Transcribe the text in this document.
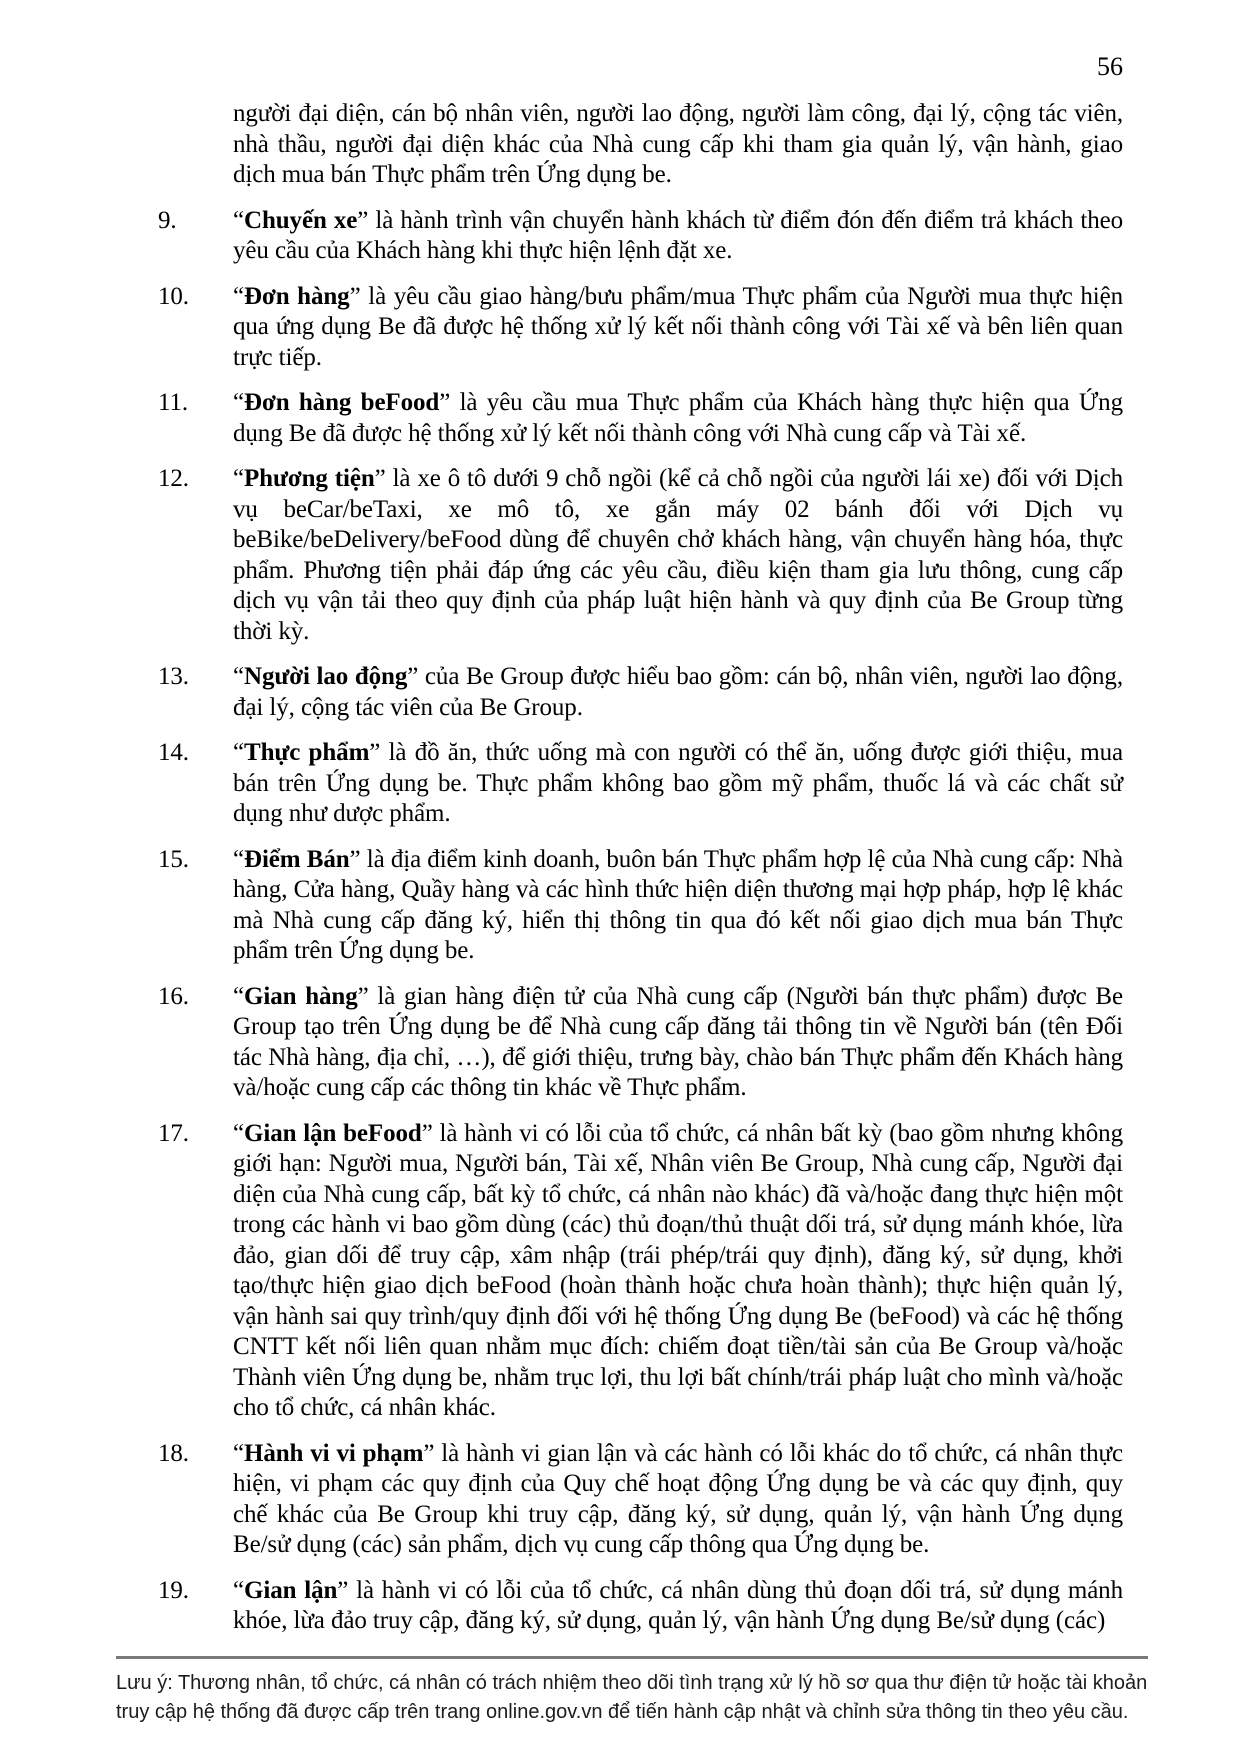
56

người đại diện, cán bộ nhân viên, người lao động, người làm công, đại lý, cộng tác viên, nhà thầu, người đại diện khác của Nhà cung cấp khi tham gia quản lý, vận hành, giao dịch mua bán Thực phẩm trên Ứng dụng be.

9. “Chuyến xe” là hành trình vận chuyển hành khách từ điểm đón đến điểm trả khách theo yêu cầu của Khách hàng khi thực hiện lệnh đặt xe.
10. “Đơn hàng” là yêu cầu giao hàng/bưu phẩm/mua Thực phẩm của Người mua thực hiện qua ứng dụng Be đã được hệ thống xử lý kết nối thành công với Tài xế và bên liên quan trực tiếp.
11. “Đơn hàng beFood” là yêu cầu mua Thực phẩm của Khách hàng thực hiện qua Ứng dụng Be đã được hệ thống xử lý kết nối thành công với Nhà cung cấp và Tài xế.
12. “Phương tiện” là xe ô tô dưới 9 chỗ ngồi (kể cả chỗ ngồi của người lái xe) đối với Dịch vụ beCar/beTaxi, xe mô tô, xe gắn máy 02 bánh đối với Dịch vụ beBike/beDelivery/beFood dùng để chuyên chở khách hàng, vận chuyển hàng hóa, thực phẩm. Phương tiện phải đáp ứng các yêu cầu, điều kiện tham gia lưu thông, cung cấp dịch vụ vận tải theo quy định của pháp luật hiện hành và quy định của Be Group từng thời kỳ.
13. “Người lao động” của Be Group được hiểu bao gồm: cán bộ, nhân viên, người lao động, đại lý, cộng tác viên của Be Group.
14. “Thực phẩm” là đồ ăn, thức uống mà con người có thể ăn, uống được giới thiệu, mua bán trên Ứng dụng be. Thực phẩm không bao gồm mỹ phẩm, thuốc lá và các chất sử dụng như dược phẩm.
15. “Điểm Bán” là địa điểm kinh doanh, buôn bán Thực phẩm hợp lệ của Nhà cung cấp: Nhà hàng, Cửa hàng, Quầy hàng và các hình thức hiện diện thương mại hợp pháp, hợp lệ khác mà Nhà cung cấp đăng ký, hiển thị thông tin qua đó kết nối giao dịch mua bán Thực phẩm trên Ứng dụng be.
16. “Gian hàng” là gian hàng điện tử của Nhà cung cấp (Người bán thực phẩm) được Be Group tạo trên Ứng dụng be để Nhà cung cấp đăng tải thông tin về Người bán (tên Đối tác Nhà hàng, địa chỉ, …), để giới thiệu, trưng bày, chào bán Thực phẩm đến Khách hàng và/hoặc cung cấp các thông tin khác về Thực phẩm.
17. “Gian lận beFood” là hành vi có lỗi của tổ chức, cá nhân bất kỳ (bao gồm nhưng không giới hạn: Người mua, Người bán, Tài xế, Nhân viên Be Group, Nhà cung cấp, Người đại diện của Nhà cung cấp, bất kỳ tổ chức, cá nhân nào khác) đã và/hoặc đang thực hiện một trong các hành vi bao gồm dùng (các) thủ đoạn/thủ thuật dối trá, sử dụng mánh khóe, lừa đảo, gian dối để truy cập, xâm nhập (trái phép/trái quy định), đăng ký, sử dụng, khởi tạo/thực hiện giao dịch beFood (hoàn thành hoặc chưa hoàn thành); thực hiện quản lý, vận hành sai quy trình/quy định đối với hệ thống Ứng dụng Be (beFood) và các hệ thống CNTT kết nối liên quan nhằm mục đích: chiếm đoạt tiền/tài sản của Be Group và/hoặc Thành viên Ứng dụng be, nhằm trục lợi, thu lợi bất chính/trái pháp luật cho mình và/hoặc cho tổ chức, cá nhân khác.
18. “Hành vi vi phạm” là hành vi gian lận và các hành có lỗi khác do tổ chức, cá nhân thực hiện, vi phạm các quy định của Quy chế hoạt động Ứng dụng be và các quy định, quy chế khác của Be Group khi truy cập, đăng ký, sử dụng, quản lý, vận hành Ứng dụng Be/sử dụng (các) sản phẩm, dịch vụ cung cấp thông qua Ứng dụng be.
19. “Gian lận” là hành vi có lỗi của tổ chức, cá nhân dùng thủ đoạn dối trá, sử dụng mánh khóe, lừa đảo truy cập, đăng ký, sử dụng, quản lý, vận hành Ứng dụng Be/sử dụng (các)

Lưu ý: Thương nhân, tổ chức, cá nhân có trách nhiệm theo dõi tình trạng xử lý hồ sơ qua thư điện tử hoặc tài khoản truy cập hệ thống đã được cấp trên trang online.gov.vn để tiến hành cập nhật và chỉnh sửa thông tin theo yêu cầu.
